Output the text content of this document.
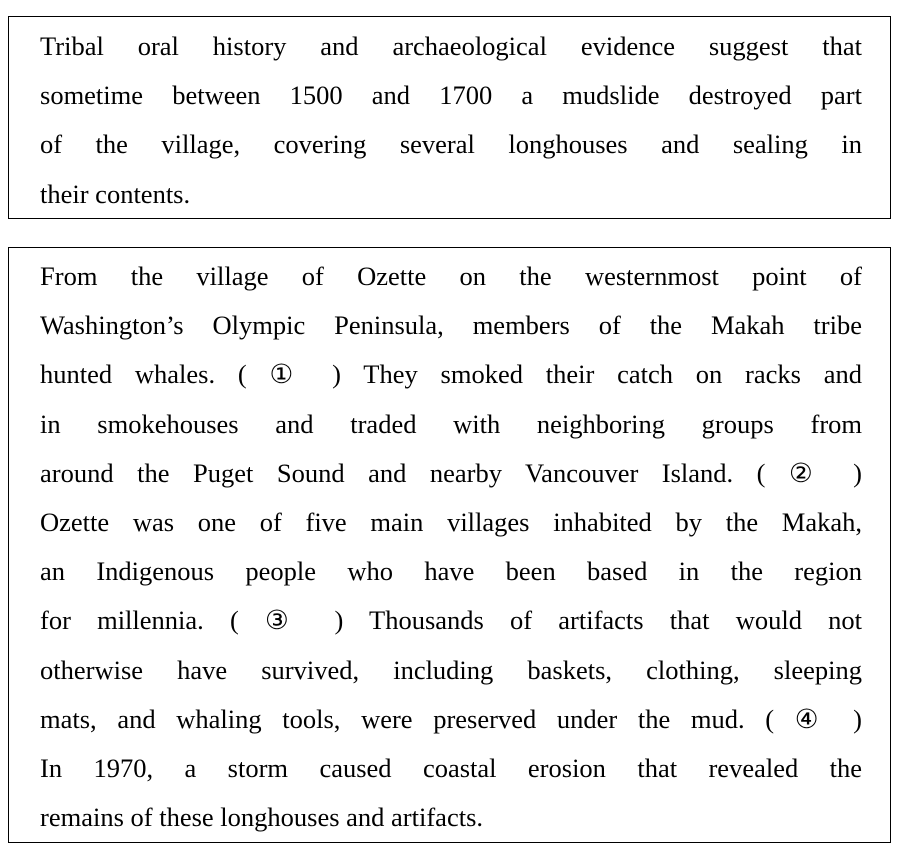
Tribal oral history and archaeological evidence suggest that
sometime between 1500 and 1700 a mudslide destroyed part
of the village, covering several longhouses and sealing in
their contents.

From the village of Ozette on the westernmost point of
Washington’s Olympic Peninsula, members of the Makah tribe
hunted whales. ( ① ) They smoked their catch on racks and
in smokehouses and traded with neighboring groups from
around the Puget Sound and nearby Vancouver Island. ( ② )
Ozette was one of five main villages inhabited by the Makah,
an Indigenous people who have been based in the region
for millennia. ( ③ ) Thousands of artifacts that would not
otherwise have survived, including baskets, clothing, sleeping
mats, and whaling tools, were preserved under the mud. ( ④ )
In 1970, a storm caused coastal erosion that revealed the
remains of these longhouses and artifacts.
